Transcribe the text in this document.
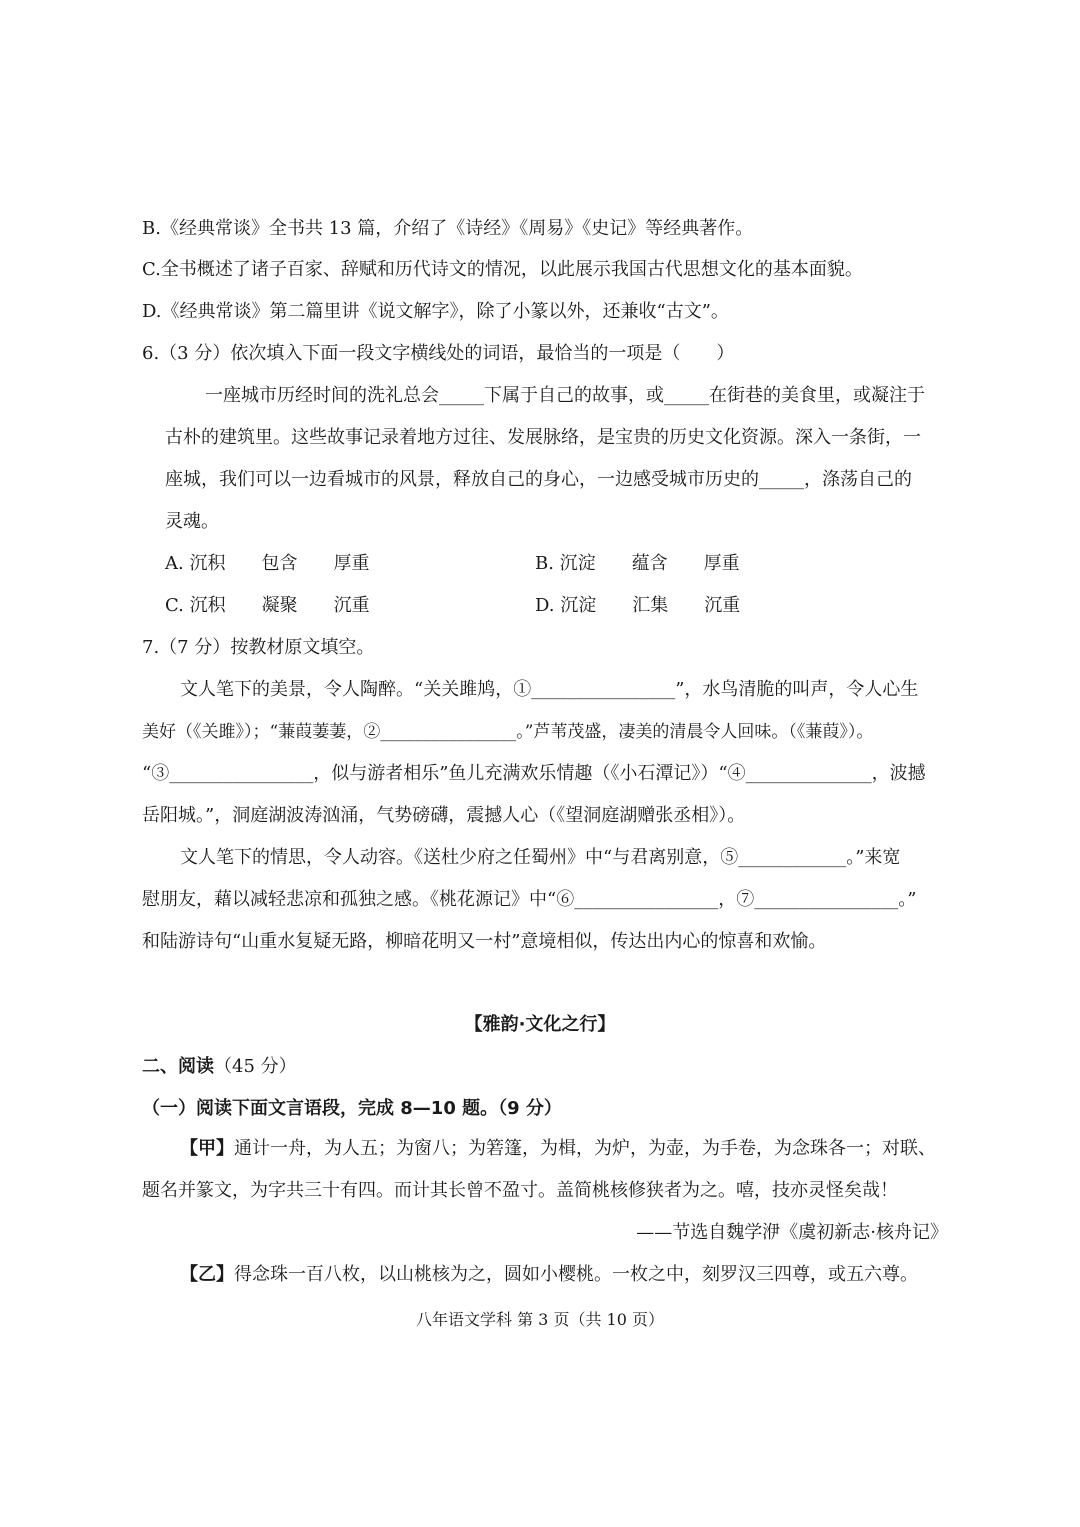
B.《经典常谈》全书共 13 篇，介绍了《诗经》《周易》《史记》等经典著作。
C.全书概述了诸子百家、辞赋和历代诗文的情况，以此展示我国古代思想文化的基本面貌。
D.《经典常谈》第二篇里讲《说文解字》，除了小篆以外，还兼收“古文”。
6.（3 分）依次填入下面一段文字横线处的词语，最恰当的一项是（　　）
一座城市历经时间的洗礼总会_____下属于自己的故事，或_____在街巷的美食里，或凝注于
古朴的建筑里。这些故事记录着地方过往、发展脉络，是宝贵的历史文化资源。深入一条街，一
座城，我们可以一边看城市的风景，释放自己的身心，一边感受城市历史的_____，涤荡自己的
灵魂。
A. 沉积　　包含　　厚重	B. 沉淀　　蕴含　　厚重
C. 沉积　　凝聚　　沉重	D. 沉淀　　汇集　　沉重
7.（7 分）按教材原文填空。
文人笔下的美景，令人陶醉。“关关雎鸠，①________________”，水鸟清脆的叫声，令人心生
美好（《关雎》）；“蒹葭萋萋，②________________。”芦苇茂盛，凄美的清晨令人回味。（《蒹葭》）。
“③________________，似与游者相乐”鱼儿充满欢乐情趣（《小石潭记》）“④______________，波撼
岳阳城。”，洞庭湖波涛汹涌，气势磅礴，震撼人心（《望洞庭湖赠张丞相》）。
文人笔下的情思，令人动容。《送杜少府之任蜀州》中“与君离别意，⑤____________。”来宽
慰朋友，藉以减轻悲凉和孤独之感。《桃花源记》中“⑥________________，⑦________________。”
和陆游诗句“山重水复疑无路，柳暗花明又一村”意境相似，传达出内心的惊喜和欢愉。
【雅韵·文化之行】
二、阅读（45 分）
（一）阅读下面文言语段，完成 8—10 题。（9 分）
【甲】通计一舟，为人五；为窗八；为箬篷，为楫，为炉，为壶，为手卷，为念珠各一；对联、
题名并篆文，为字共三十有四。而计其长曾不盈寸。盖简桃核修狭者为之。嘻，技亦灵怪矣哉！
——节选自魏学洢《虞初新志·核舟记》
【乙】得念珠一百八枚，以山桃核为之，圆如小樱桃。一枚之中，刻罗汉三四尊，或五六尊。
八年语文学科 第 3 页（共 10 页）
